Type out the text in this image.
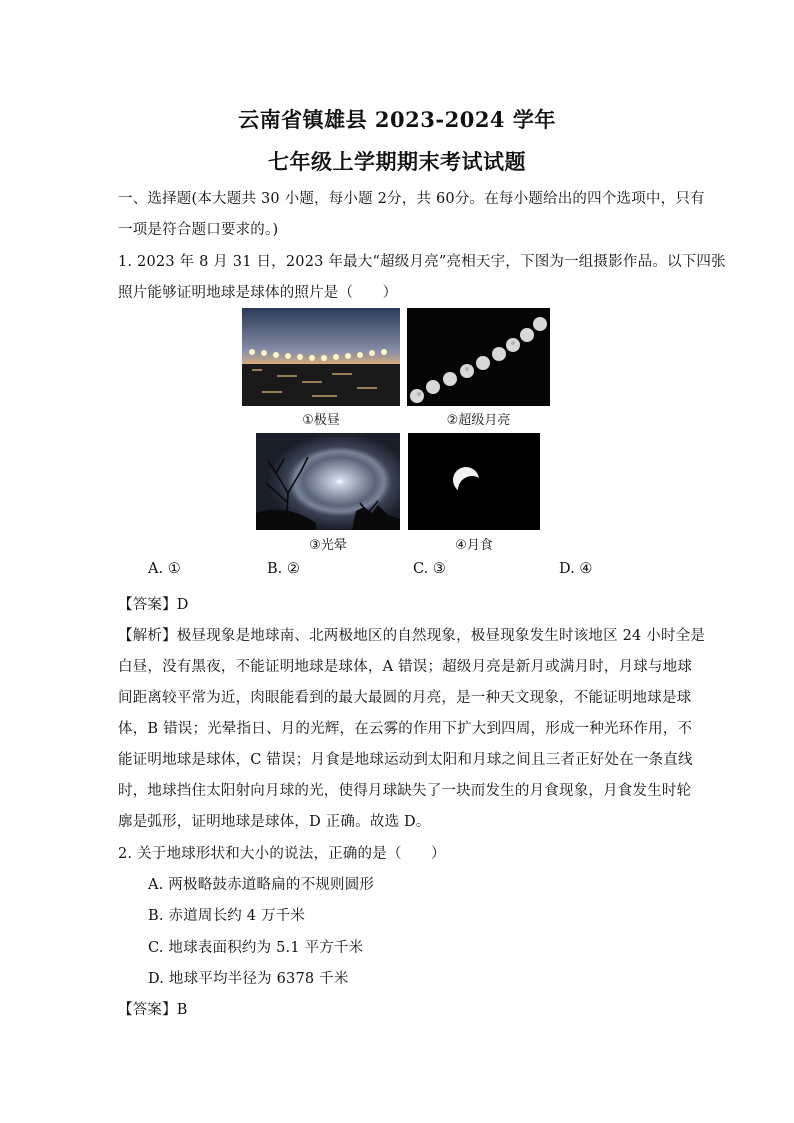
云南省镇雄县 2023-2024 学年
七年级上学期期末考试试题
一、选择题(本大题共 30 小题，每小题 2分，共 60分。在每小题给出的四个选项中，只有
一项是符合题口要求的。)
1. 2023 年 8 月 31 日，2023 年最大“超级月亮”亮相天宇，下图为一组摄影作品。以下四张
照片能够证明地球是球体的照片是（　　）
①极昼	②超级月亮
③光晕	④月食
A. ①	B. ②	C. ③	D. ④
【答案】D
【解析】极昼现象是地球南、北两极地区的自然现象，极昼现象发生时该地区 24 小时全是
白昼，没有黑夜，不能证明地球是球体，A 错误；超级月亮是新月或满月时，月球与地球
间距离较平常为近，肉眼能看到的最大最圆的月亮，是一种天文现象，不能证明地球是球
体，B 错误；光晕指日、月的光辉，在云雾的作用下扩大到四周，形成一种光环作用，不
能证明地球是球体，C 错误；月食是地球运动到太阳和月球之间且三者正好处在一条直线
时，地球挡住太阳射向月球的光，使得月球缺失了一块而发生的月食现象，月食发生时轮
廓是弧形，证明地球是球体，D 正确。故选 D。
2. 关于地球形状和大小的说法，正确的是（　　）
A. 两极略鼓赤道略扁的不规则圆形
B. 赤道周长约 4 万千米
C. 地球表面积约为 5.1 平方千米
D. 地球平均半径为 6378 千米
【答案】B
